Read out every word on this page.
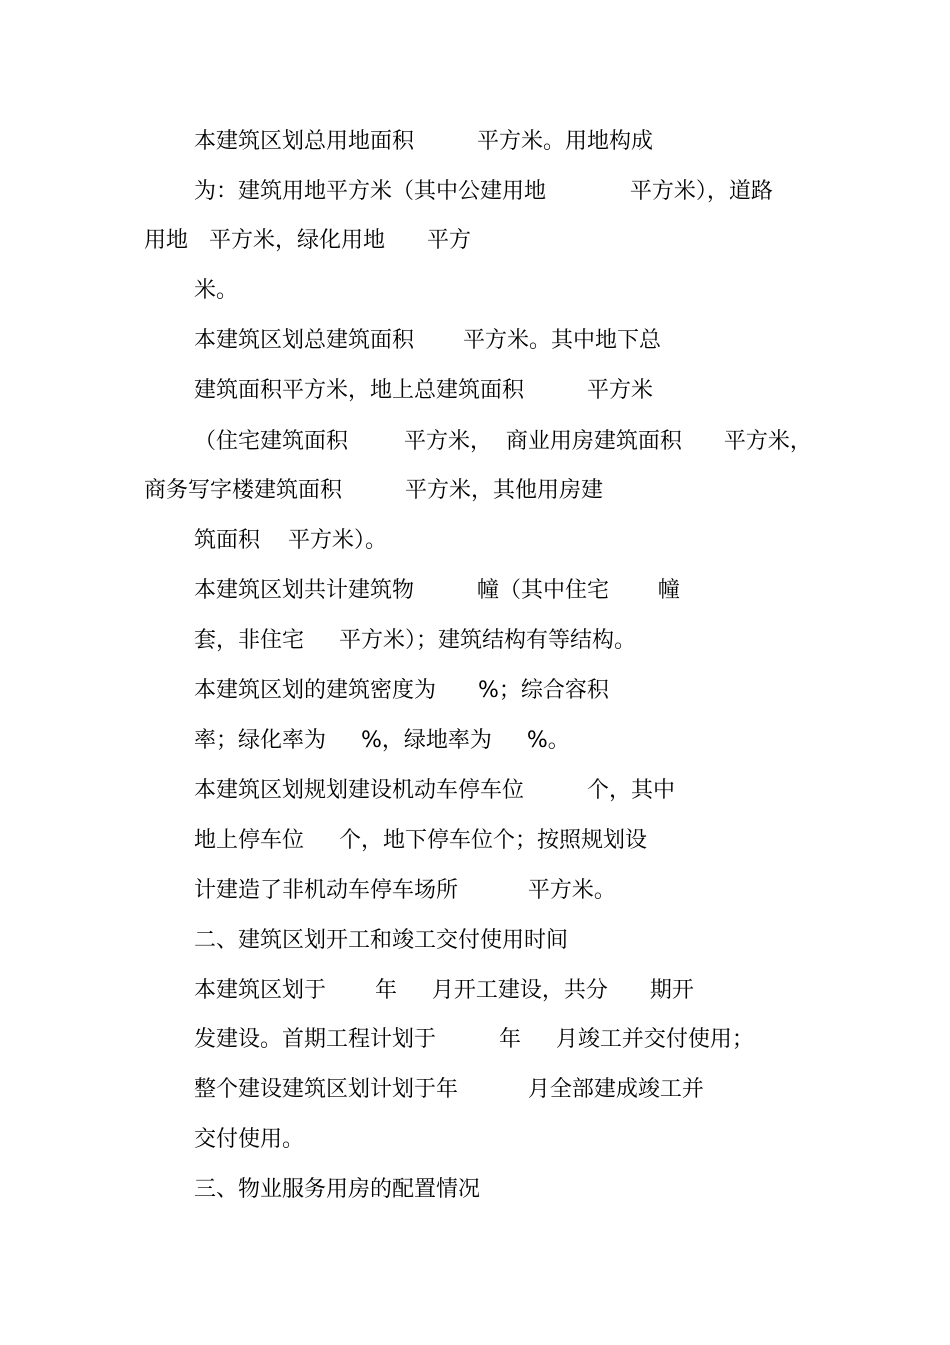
本建筑区划总用地面积         平方米。用地构成
为：建筑用地平方米（其中公建用地            平方米），道路
用地   平方米，绿化用地      平方
米。
本建筑区划总建筑面积       平方米。其中地下总
建筑面积平方米，地上总建筑面积         平方米
（住宅建筑面积        平方米，  商业用房建筑面积      平方米，
商务写字楼建筑面积         平方米，其他用房建
筑面积    平方米）。
本建筑区划共计建筑物         幢（其中住宅       幢
套，非住宅     平方米）；建筑结构有等结构。
本建筑区划的建筑密度为      %；综合容积
率；绿化率为     %，绿地率为     %。
本建筑区划规划建设机动车停车位         个，其中
地上停车位     个，地下停车位个；按照规划设
计建造了非机动车停车场所          平方米。
二、建筑区划开工和竣工交付使用时间
本建筑区划于       年     月开工建设，共分      期开
发建设。首期工程计划于         年     月竣工并交付使用；
整个建设建筑区划计划于年          月全部建成竣工并
交付使用。
三、物业服务用房的配置情况
